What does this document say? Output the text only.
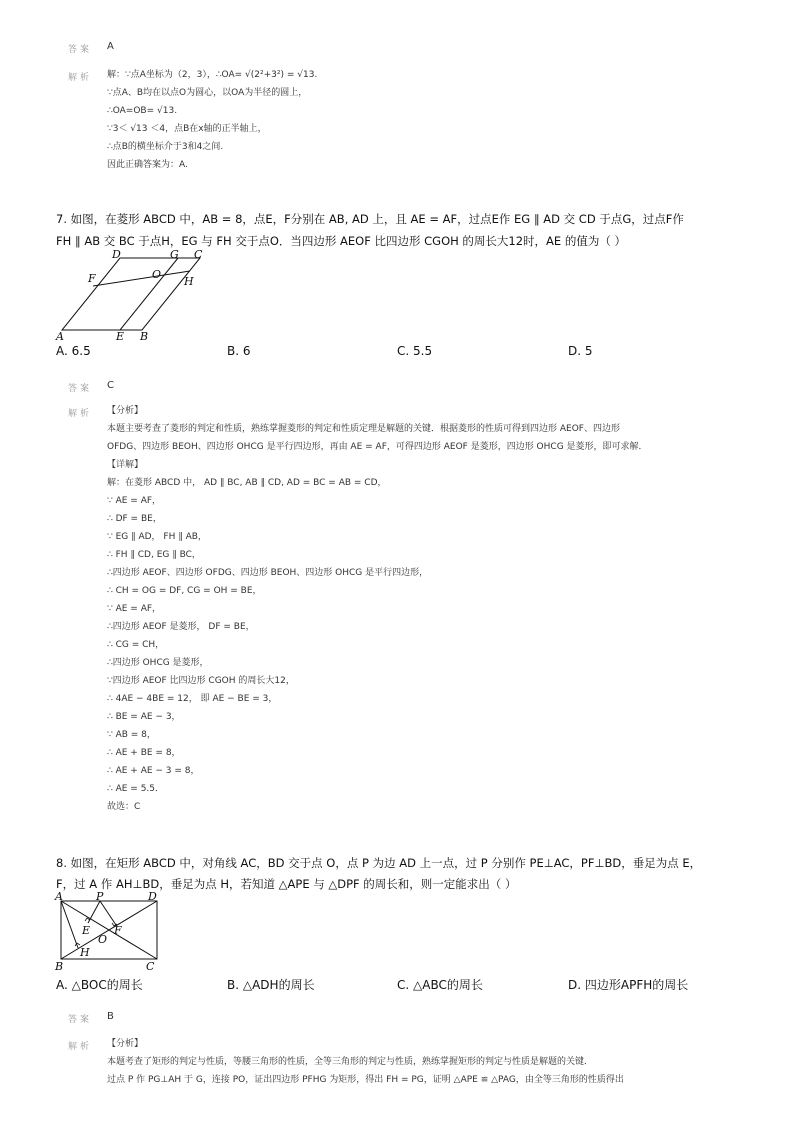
答案 A
解析 解：∵点A坐标为（2，3），∴OA= √(2²+3²) = √13.
∵点A、B均在以点O为圆心，以OA为半径的圆上，
∴OA=OB= √13.
∵3＜ √13 ＜4，点B在x轴的正半轴上，
∴点B的横坐标介于3和4之间.
因此正确答案为：A.
7. 如图，在菱形 ABCD 中，AB = 8，点E，F分别在 AB, AD 上，且 AE = AF，过点E作 EG ∥ AD 交 CD 于点G，过点F作
FH ∥ AB 交 BC 于点H，EG 与 FH 交于点O．当四边形 AEOF 比四边形 CGOH 的周长大12时，AE 的值为（ ）
A	B
E
D	G C
F	O
H
A. 6.5	B. 6	C. 5.5	D. 5
答案 C
解析 【分析】
本题主要考查了菱形的判定和性质，熟练掌握菱形的判定和性质定理是解题的关键．根据菱形的性质可得到四边形 AEOF、四边形
OFDG、四边形 BEOH、四边形 OHCG 是平行四边形，再由 AE = AF，可得四边形 AEOF 是菱形，四边形 OHCG 是菱形，即可求解．
【详解】
解：在菱形 ABCD 中， AD ∥ BC, AB ∥ CD, AD = BC = AB = CD，
∵ AE = AF，
∴ DF = BE，
∵ EG ∥ AD， FH ∥ AB，
∴ FH ∥ CD, EG ∥ BC，
∴四边形 AEOF、四边形 OFDG、四边形 BEOH、四边形 OHCG 是平行四边形，
∴ CH = OG = DF, CG = OH = BE，
∵ AE = AF，
∴四边形 AEOF 是菱形， DF = BE，
∴ CG = CH，
∴四边形 OHCG 是菱形，
∵四边形 AEOF 比四边形 CGOH 的周长大12，
∴ 4AE − 4BE = 12， 即 AE − BE = 3，
∴ BE = AE − 3，
∵ AB = 8，
∴ AE + BE = 8，
∴ AE + AE − 3 = 8，
∴ AE = 5.5．
故选：C
8. 如图，在矩形 ABCD 中，对角线 AC，BD 交于点 O，点 P 为边 AD 上一点，过 P 分别作 PE⊥AC，PF⊥BD，垂足为点 E，
F，过 A 作 AH⊥BD，垂足为点 H，若知道 △APE 与 △DPF 的周长和，则一定能求出（ ）
A	P	D
E F
O
H
B	C
A. △BOC的周长	B. △ADH的周长	C. △ABC的周长	D. 四边形APFH的周长
答案 B
解析 【分析】
本题考查了矩形的判定与性质，等腰三角形的性质，全等三角形的判定与性质，熟练掌握矩形的判定与性质是解题的关键．
过点 P 作 PG⊥AH 于 G，连接 PO，证出四边形 PFHG 为矩形，得出 FH = PG，证明 △APE ≌ △PAG，由全等三角形的性质得出
